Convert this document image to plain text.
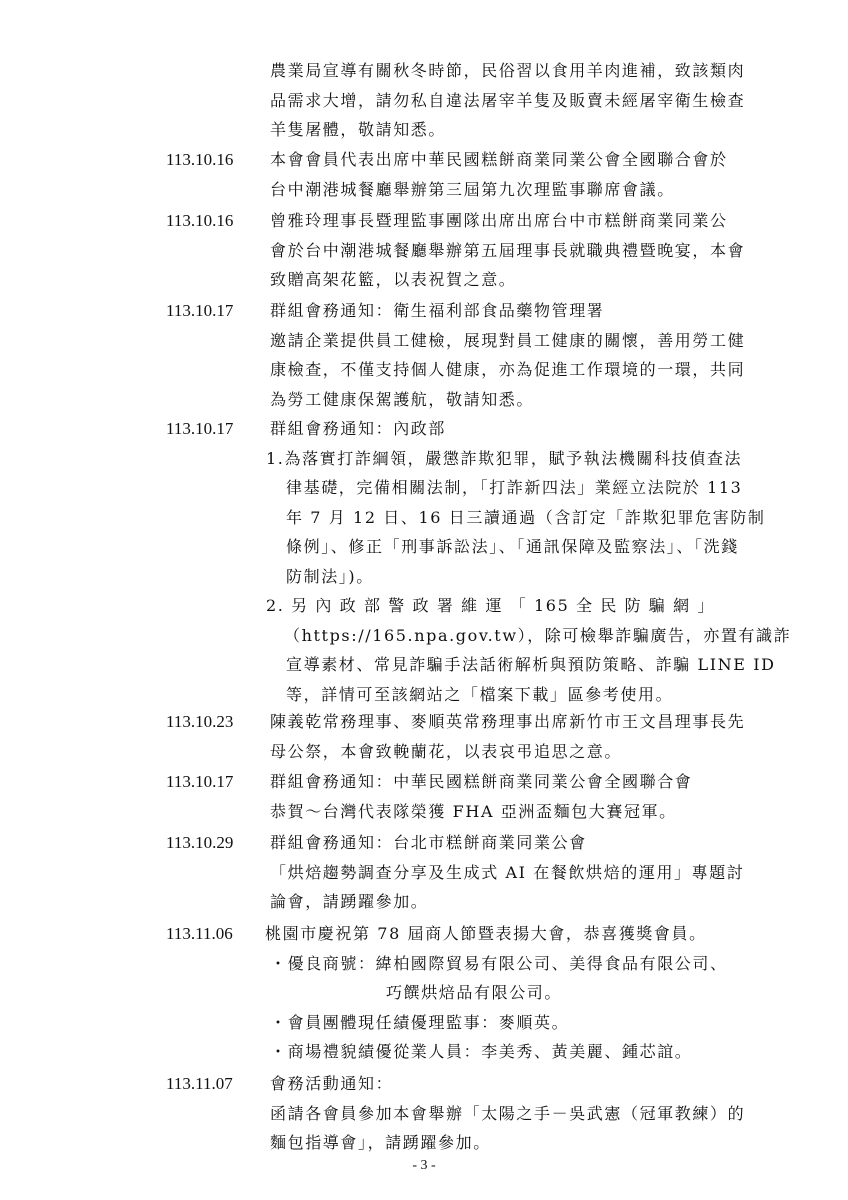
農業局宣導有關秋冬時節，民俗習以食用羊肉進補，致該類肉
品需求大增，請勿私自違法屠宰羊隻及販賣未經屠宰衛生檢查
羊隻屠體，敬請知悉。
113.10.16	本會會員代表出席中華民國糕餅商業同業公會全國聯合會於
台中潮港城餐廳舉辦第三屆第九次理監事聯席會議。
113.10.16	曾雅玲理事長暨理監事團隊出席出席台中市糕餅商業同業公
會於台中潮港城餐廳舉辦第五屆理事長就職典禮暨晚宴，本會
致贈高架花籃，以表祝賀之意。
113.10.17	群組會務通知：衛生福利部食品藥物管理署
邀請企業提供員工健檢，展現對員工健康的關懷，善用勞工健
康檢查，不僅支持個人健康，亦為促進工作環境的一環，共同
為勞工健康保駕護航，敬請知悉。
113.10.17	群組會務通知：內政部
1.為落實打詐綱領，嚴懲詐欺犯罪，賦予執法機關科技偵查法
律基礎，完備相關法制，「打詐新四法」業經立法院於 113
年 7 月 12 日、16 日三讀通過（含訂定「詐欺犯罪危害防制
條例」、修正「刑事訴訟法」、「通訊保障及監察法」、「洗錢
防制法」)。
2. 另 內 政 部 警 政 署 維 運 「 165 全 民 防 騙 網 」
（https://165.npa.gov.tw），除可檢舉詐騙廣告，亦置有識詐
宣導素材、常見詐騙手法話術解析與預防策略、詐騙 LINE ID
等，詳情可至該網站之「檔案下載」區參考使用。
113.10.23	陳義乾常務理事、麥順英常務理事出席新竹市王文昌理事長先
母公祭，本會致輓蘭花，以表哀弔追思之意。
113.10.17	群組會務通知：中華民國糕餅商業同業公會全國聯合會
恭賀～台灣代表隊榮獲 FHA 亞洲盃麵包大賽冠軍。
113.10.29	群組會務通知：台北市糕餅商業同業公會
「烘焙趨勢調查分享及生成式 AI 在餐飲烘焙的運用」專題討
論會，請踴躍參加。
113.11.06	桃園市慶祝第 78 屆商人節暨表揚大會，恭喜獲獎會員。
・優良商號：緯柏國際貿易有限公司、美得食品有限公司、
巧饌烘焙品有限公司。
・會員團體現任績優理監事：麥順英。
・商場禮貌績優從業人員：李美秀、黃美麗、鍾芯誼。
113.11.07	會務活動通知：
函請各會員參加本會舉辦「太陽之手－吳武憲（冠軍教練）的
麵包指導會」，請踴躍參加。
- 3 -
